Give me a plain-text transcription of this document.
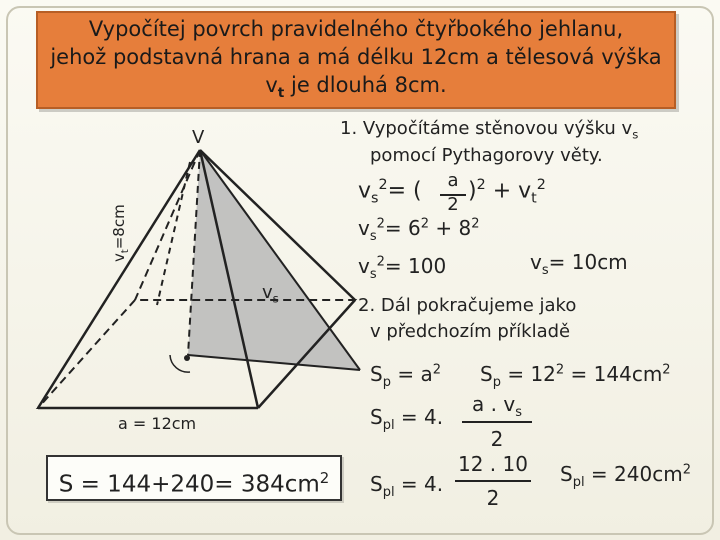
Vypočítej povrch pravidelného čtyřbokého jehlanu,
jehož podstavná hrana a má délku 12cm a tělesová výška
$v_t$ je dlouhá 8cm.
V
$v_t=8cm$
$v_s$
a = 12cm
$S = 144+240= 384cm^2$
1. Vypočítáme stěnovou výšku $v_s$
pomocí Pythagorovy věty.
$v_s^2=$ (	a
2
)$^2 + v_t^2$
$v_s^2= 6^2 + 8^2$
$v_s^2= 100$	$v_s= 10cm$
2. Dál pokračujeme jako
v předchozím příkladě
$S_p = a^2$ $S_p = 12^2 = 144cm^2$
$S_{pl} = 4$.
a . $v_s$
2
$S_{pl} = 4$.
12 . 10
2
$S_{pl} = 240cm^2$
